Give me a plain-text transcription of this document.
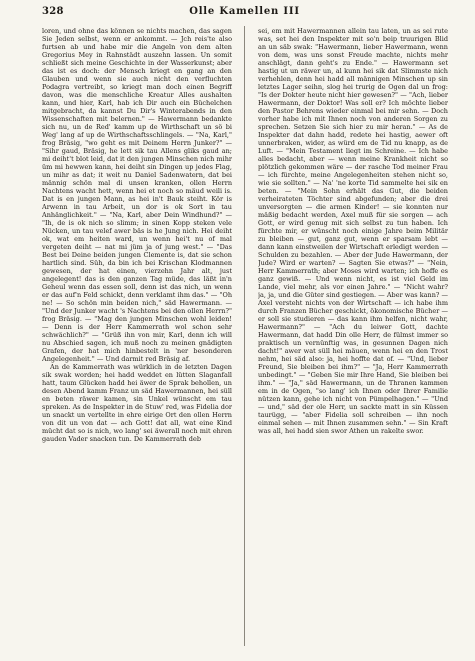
328	Olle Kamellen III

loren, und ohne das können se nichts machen, das sagen Sie Jeden selbst, wenn er ankommt. — Jch reis'te also furtsen ab und habe mir die Angeln von dem alten Gregorius Mey in Rahnstädt auszehn lassen. Un somit schließt sich meine Geschichte in der Wasserkunst; aber das ist es doch: der Mensch kriegt en gang an den Glauben und wenn sie auch nicht den verfluchten Podagra vertreibt, so kriegt man doch einen Begriff davon, was die menschliche Kreatur Alles aushalten kann, und hier, Karl, hab ich Dir auch ein Büchelchen mitgebracht, da kannst Du Dir's Winterabends in den Wissenschaften mit belernen." — Hawermann bedankte sich nu, un de Red' kamm up de Wirthschaft un sö bi Weg' lang af up de Wirthschaftsschlingels. — "Na, Karl," frog Bräsig, "wo geht es mit Deinem Herrn Junker?" — "Sihr gaud, Bräsig, he lett sik tau Allens gliks gaud an; mi deiht't blot leid, dat it den jungen Minschen nich mihr üm mi hewwen kann, hei deiht sin Dingen up jedes Flag, un mihr as dat; it weit nu Daniel Sadenwatern, dat bei männig schön mal di unsen kranken, ollen Herrn Nachtens wacht hett, wenn hei et noch so mäud weili is. Dat is en jungen Mann, as hei in't Bauk steiht. Kör is Arwenn in tau Arbeit, un dor is ok Sort in tau Anhänglichkeit." — "Na, Karl, aber Dein Windhund?" — "Ih, de is ok nich so slimm; in sinen Kopp steken vele Nücken, un tau velef awer bäs is he Jung nich. Hei deiht ok, wat em heiten ward, un wenn hei't nu of mal vergeten deiht — nat mi jüm ja of jung west." — "Das Best bei Deine beiden jungen Clemente is, dat sie schon hartlich sind. Süh, da bin ich bei Krischan Klodmannen gewesen, der hat einen, vierzehn Jahr alt, just angelegent! das is den ganzen Tag müde, das läßt in'n Geheul wenn das essen soll, denn ist das nich, un wenn er das auf'n Feld schickt, denn verklamt ihm das." — "Oh ne! — So schön min beiden nich," säd Hawermann. — "Und der Junker wacht 's Nachtens bei den ollen Herrn?" frog Bräsig. — "Mag den jungen Minschen wohl leiden! — Denn is der Herr Kammerrath wol schon sehr schwächlich?" — "Grüß ihn von mir, Karl, denn ich will nu Abschied sagen, ich muß noch zu meinen gnädigten Grafen, der hat mich hinbestelt in 'ner besonderen Angelegenheit." — Und darmit red Bräsig af.

An de Kammerrath was würklich in de letzten Dagen sik swak worden; hei hadd weddet en lütten Slaganfall hatt, taum Glücken hadd hei äwer de Sprak behollen, un desen Abend kamm Franz un säd Hawermannen, hei süll en beten räwer kamen, sin Unkel wünscht em tau spreken. As de Inspekter in de Stuw' red, was Fidelia dor un snackt un vertellte in ehre eirige Ort den ollen Herrn von dit un von dat — ach Gott! dat all, wat eine Kind mücht dat so is nich, wo lang' sei äwerall noch mit ehren gauden Vader snacken tun. De Kammerrath deb

sei, em mit Hawermannen allein tau laten, un as sei rute was, set hei den Inspekter mit so'n beip truurigen Blid an un säb swak: "Hawermann, lieber Hawermann, wenn von dem, was uns sonst Freude machte, nichts mehr anschlägt, dann geht's zu Ende." — Hawermann set hastig ut un räwer un, al kunn hei sik dat Slimmste nich verhehlen, denn hei hadd all männigen Minschen up sin letztes Lager seihn, slog hei trurig de Ogen dal un frog: "Is der Dokter heute nicht hier gewesen?" — "Ach, lieber Hawermann, der Doktor! Was soll er? Ich möchte lieber den Pastor Behrens wieder einmal bei mir sehn. — Doch vorher habe ich mit Ihnen noch von anderen Sorgen zu sprechen. Setzen Sie sich hier zu mir heran." — As de Inspekter dat dahn hadd, redete hei hastig, aewer oft unnerbraken, wider, as würd em de Tid nu knapp, as de Luft. — "Mein Testament liegt im Schreine. — Ich habe alles bedacht, aber — wenn meine Krankheit nicht so plötzlich gekommen wäre — der rasche Tod meiner Frau — ich fürchte, meine Angelegenheiten stehen nicht so, wie sie sollten." — Na' 'ne korte Tid sammelte hei sik en beten. — "Mein Sohn erhält das Gut, die beiden verheirateten Töchter sind abgefunden; aber die drei unversorgten — die armen Kinder! — sie konnten nur mäßig bedacht werden, Axel muß für sie sorgen — ach Gott, er wird genug mit sich selbst zu tun haben. Ich fürchte mir, er wünscht noch einige Jahre beim Militär zu bleiben — gut, ganz gut, wenn er sparsam lebt — dann kann einstweilen der Wirtschaft erledigt werden — Schulden zu bezahlen. — Aber der Jude Hawermann, der Jude? Wird er warten? — Sagten Sie etwas?" — "Nein, Herr Kammerrath; aber Moses wird warten; ich hoffe es ganz gewiß. — Und wenn nicht, es ist viel Geld im Lande, viel mehr, als vor einen Jahre." — "Nicht wahr? ja, ja, und die Güter sind gestiegen. — Aber was kann? — Axel versteht nichts von der Wirtschaft — ich habe ihm durch Franzen Bücher geschickt, ökonomische Bücher — er soll sie studieren — das kann ihm helfen, nicht wahr, Hawermann?" — "Ach du leiwer Gott, dachte Hawermann, dat hadd Din olle Herr, de fülmst immer so praktisch un vernünftig was, in gesunnen Dagen nich dacht!" awer wat süll hei mäuen, wenn hei en den Trost nehm, hei säd also: ja, hei hoffte dat of. — "Und, lieber Freund, Sie bleiben bei ihm?" — "Ja, Herr Kammerrath unbedingt." — "Geben Sie mir Ihre Hand, Sie bleiben bei ihm." — "Ja," säd Hawermann, un de Thranen kammen em in de Ogen, "so lang' ich Ihnen oder Ihrer Familie nützen kann, gehe ich nicht von Pümpelhagen." — "Und — und," säd der ole Herr, un sackte matt in sin Küssen taurügg, — "aber Fidelia soll schreiben — ihn noch einmal sehen — mit Ihnen zusammen sehn." — Sin Kraft was all, hei hadd sien swor Athen un rakelte swor.
